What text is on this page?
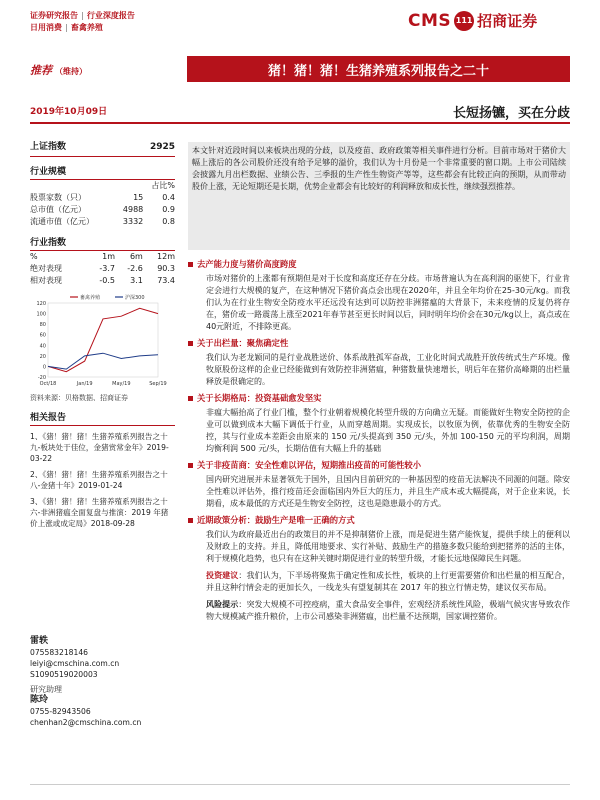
证券研究报告 | 行业深度报告
日用消费 | 畜禽养殖	CMS 111 招商证券
推荐 （维持）	猪！猪！猪！生猪养殖系列报告之二十
2019年10月09日	长短扬镳，买在分歧
上证指数	2925
行业规模
		占比%
股票家数（只）	15	0.4
总市值（亿元）	4988	0.9
流通市值（亿元）	3332	0.8
行业指数
%	1m	6m	12m
绝对表现	-3.7	-2.6	90.3
相对表现	-0.5	3.1	73.4
120
100
80
60
40
20
0
-20
Oct/18	Jan/19	May/19	Sep/19
畜禽养殖	沪深300
资料来源：贝格数据、招商证券
相关报告
1、《猪！猪！猪！生猪养殖系列报告之十九-板块处于佳位，金猪赏常金年》2019-03-22
2、《猪！猪！猪！生猪养殖系列报告之十八-金猪十年》2019-01-24
3、《猪！猪！猪！生猪养殖系列报告之十六-非洲猪瘟全面复盘与推演：2019 年猪价上涨或成定局》2018-09-28
雷轶
075583218146
leiyi@cmschina.com.cn
S1090519020003
研究助理
陈玲
0755-82943506
chenhan2@cmschina.com.cn
本文针对近段时间以来板块出现的分歧，以及疫苗、政府政策等相关事件进行分析。目前市场对于猪价大幅上涨后的各公司股价还没有给予足够的溢价，我们认为十月份是一个非常重要的窗口期。上市公司陆续会披露九月出栏数据、业绩公告、三季报的生产性生物资产等等，这些都会有比较正向的预期，从而带动股价上涨，无论短期还是长期，优势企业都会有比较好的利润释放和成长性，继续强烈推荐。
去产能力度与猪价高度跨度
市场对猪价的上涨都有预期但是对于长度和高度还存在分歧。市场普遍认为在高利润的驱使下，行业肯定会进行大规模的复产，在这种情况下猪价高点会出现在2020年，并且全年均价在25-30元/kg。而我们认为在行业生物安全防疫水平还远没有达到可以防控非洲猪瘟的大背景下，未来疫情的反复仍将存在，猪价或一路震荡上涨至2021年春节甚至更长时间以后，同时明年均价会在30元/kg以上，高点或在40元附近，不排除更高。
关于出栏量：聚焦确定性
我们认为老龙颖同的是行业战胜送价、体系战胜孤军奋战，工业化时间式战胜开放传统式生产环境。像牧原股份这样的企业已经能做到有效防控非洲猪瘟，种猪数量快速增长，明后年在猪价高峰期的出栏量释放是很确定的。
关于长期格局：投资基础愈发坚实
非瘟大幅抬高了行业门槛，整个行业朝着规模化转型升级的方向确立无疑。而能做好生物安全防控的企业可以做到成本大幅下调低于行业，从而穿越周期。实现成长，以牧原为例，依靠优秀的生物安全防控，其与行业成本差距会由原来的 150 元/头提高到 350 元/头，外加 100-150 元的平均利润，周期均衡利润 500 元/头，长期估值有大幅上升的基础
关于非疫苗商：安全性难以评估，短期推出疫苗的可能性较小
国内研究进展并未显著领先于国外，且国内目前研究的一种基因型的疫苗无法解决不同源的问题。除安全性难以评估外，推行疫苗还会面临国内外巨大的压力，并且生产成本或大幅提高，对于企业来说，长期看，成本最低的方式还是生物安全防控，这也是隐患最小的方式。
近期政策分析：鼓励生产是唯一正确的方式
我们认为政府最近出台的政策目的并不是抑制猪价上涨，而是促进生猪产能恢复，提供手续上的便利以及财政上的支持。并且，降低用地要求、实行补贴、鼓励生产的措施多数只能给到把猪养的活的主体，利于规模化趋势，也只有在这种关键时期促进行业的转型升级，才能长远地保障民生问题。
投资建议：我们认为，下半场将聚焦于确定性和成长性，板块的上行更需要猪价和出栏量的相互配合，并且这种行情会走的更加长久，一线龙头有望复制其在 2017 年的独立行情走势，建议仅买布局。
风险提示：突发大规模不可控疫病，重大食品安全事件，宏观经济系统性风险，极端气候灾害导致农作物大规模减产推升粮价，上市公司感染非洲猪瘟，出栏量不达预期，国家调控猪价。
